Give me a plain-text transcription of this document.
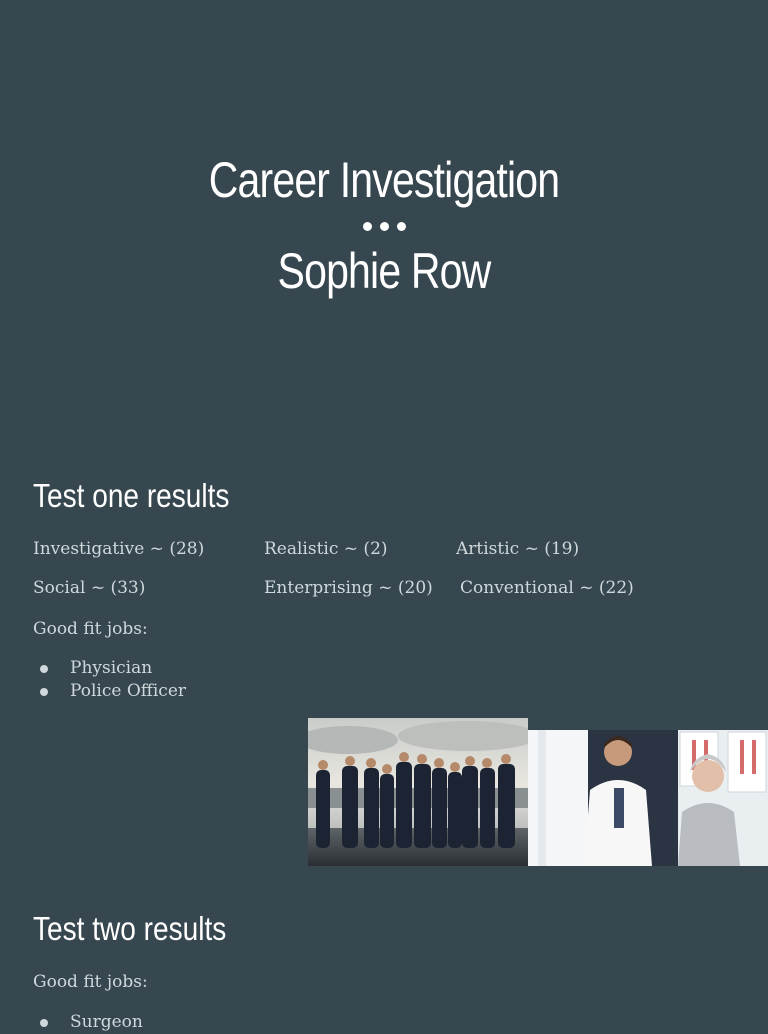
Career Investigation
Sophie Row
Test one results
Investigative ~ (28)	Realistic ~ (2)	Artistic ~ (19)
Social ~ (33)	Enterprising ~ (20) Conventional ~ (22)
Good fit jobs:
Physician
Police Officer
Test two results
Good fit jobs:
Surgeon
